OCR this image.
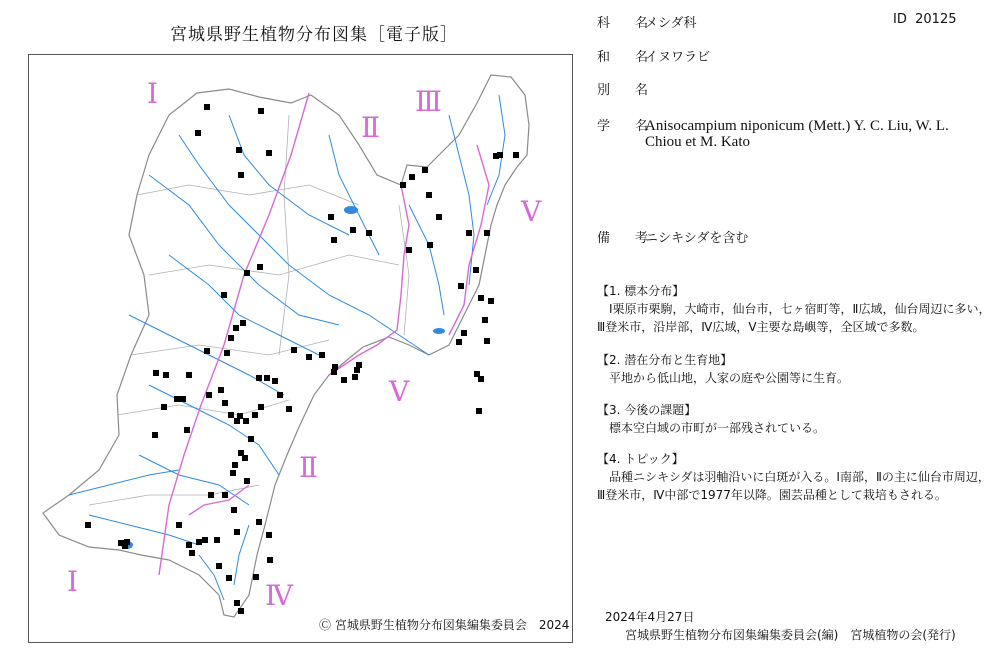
宮城県野生植物分布図集［電子版］
Ⅰ
Ⅱ
Ⅲ
Ⅴ
Ⅴ
Ⅱ
Ⅰ	Ⅳ
Ⓒ 宮城県野生植物分布図集編集委員会　2024
科　名メシダ科	ID 20125
和　名イヌワラビ
別　名
学　名Anisocampium niponicum (Mett.) Y. C. Liu, W. L.
Chiou et M. Kato
備　考ニシキシダを含む
【1. 標本分布】
Ⅰ栗原市栗駒，大崎市，仙台市，七ヶ宿町等，Ⅱ広域，仙台周辺に多い，Ⅲ登米市，沿岸部，Ⅳ広域，Ⅴ主要な島嶼等，全区域で多数。
【2. 潜在分布と生育地】
平地から低山地，人家の庭や公園等に生育。
【3. 今後の課題】
標本空白域の市町が一部残されている。
【4. トピック】
品種ニシキシダは羽軸沿いに白斑が入る。Ⅰ南部，Ⅱの主に仙台市周辺，Ⅲ登米市，Ⅳ中部で1977年以降。園芸品種として栽培もされる。
2024年4月27日
宮城県野生植物分布図集編集委員会(編)　宮城植物の会(発行)
